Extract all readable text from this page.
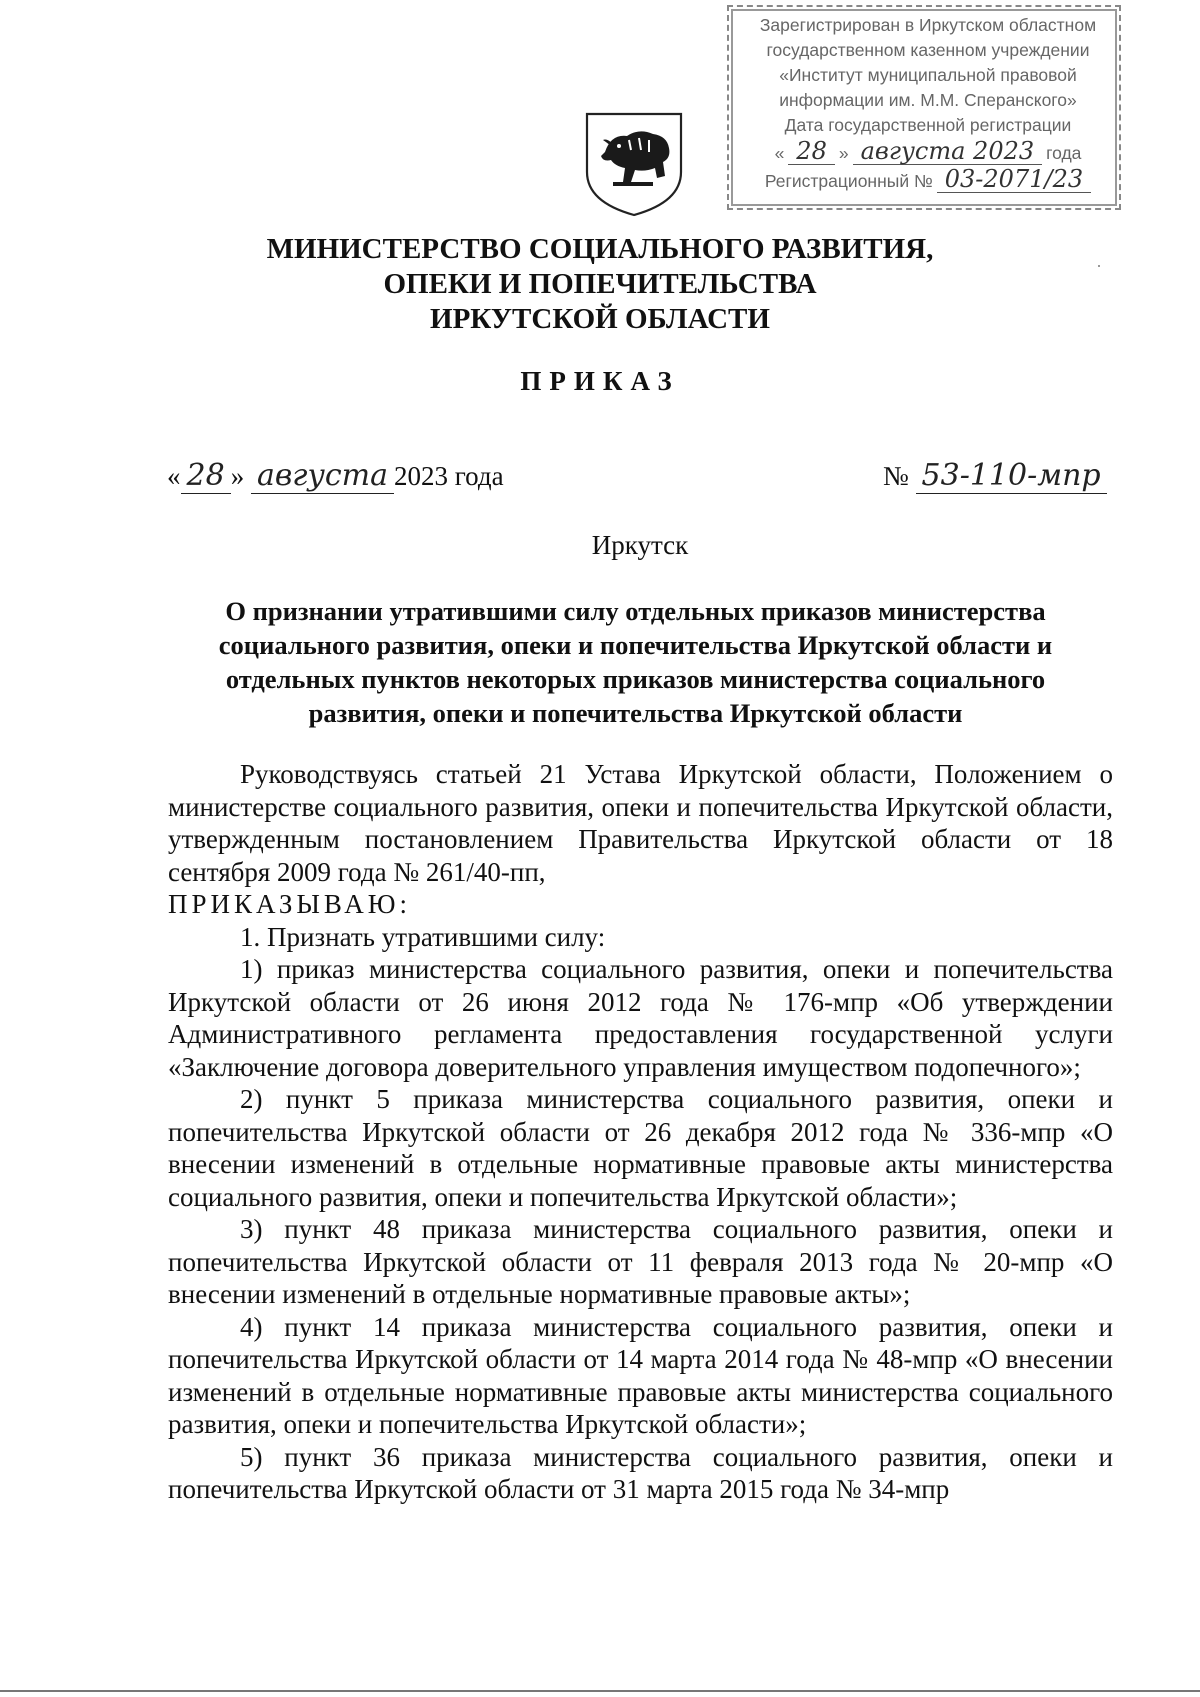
Зарегистрирован в Иркутском областном
государственном казенном учреждении
«Институт муниципальной правовой
информации им. М.М. Сперанского»
Дата государственной регистрации
« 28 » августа 2023 года
Регистрационный № 03-2071/23
МИНИСТЕРСТВО СОЦИАЛЬНОГО РАЗВИТИЯ,
ОПЕКИ И ПОПЕЧИТЕЛЬСТВА
ИРКУТСКОЙ ОБЛАСТИ
ПРИКАЗ
« 28 » августа 2023 года	№ 53-110-мпр
Иркутск
О признании утратившими силу отдельных приказов министерства
социального развития, опеки и попечительства Иркутской области и
отдельных пунктов некоторых приказов министерства социального
развития, опеки и попечительства Иркутской области

Руководствуясь статьей 21 Устава Иркутской области, Положением о министерстве социального развития, опеки и попечительства Иркутской области, утвержденным постановлением Правительства Иркутской области от 18 сентября 2009 года № 261/40-пп,

ПРИКАЗЫВАЮ:

1. Признать утратившими силу:

1) приказ министерства социального развития, опеки и попечительства Иркутской области от 26 июня 2012 года № 176-мпр «Об утверждении Административного регламента предоставления государственной услуги «Заключение договора доверительного управления имуществом подопечного»;

2) пункт 5 приказа министерства социального развития, опеки и попечительства Иркутской области от 26 декабря 2012 года № 336-мпр «О внесении изменений в отдельные нормативные правовые акты министерства социального развития, опеки и попечительства Иркутской области»;

3) пункт 48 приказа министерства социального развития, опеки и попечительства Иркутской области от 11 февраля 2013 года № 20-мпр «О внесении изменений в отдельные нормативные правовые акты»;

4) пункт 14 приказа министерства социального развития, опеки и попечительства Иркутской области от 14 марта 2014 года № 48-мпр «О внесении изменений в отдельные нормативные правовые акты министерства социального развития, опеки и попечительства Иркутской области»;

5) пункт 36 приказа министерства социального развития, опеки и попечительства Иркутской области от 31 марта 2015 года № 34-мпр
